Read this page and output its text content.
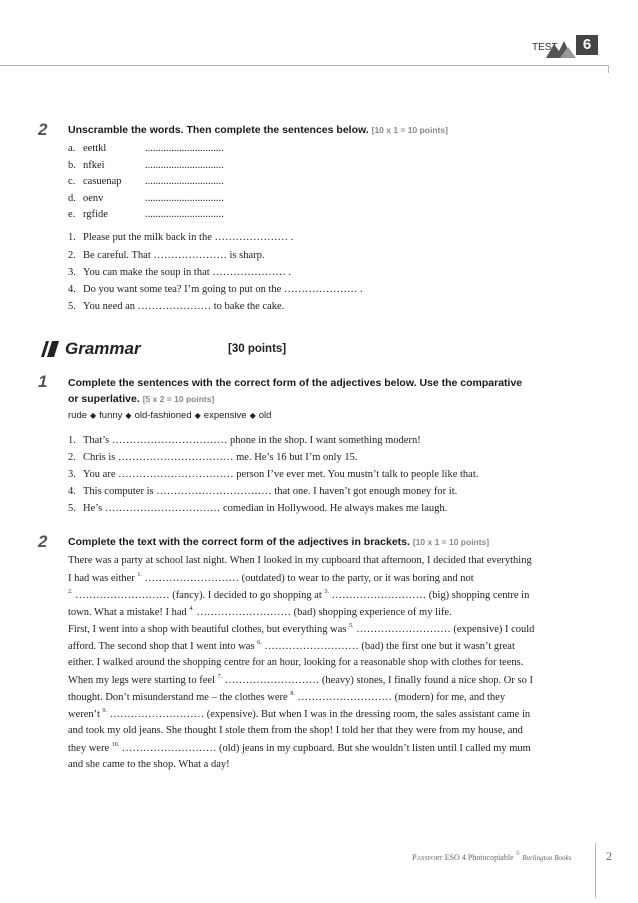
TEST	6
2 Unscramble the words. Then complete the sentences below. [10 x 1 = 10 points]
a. eettkl	..............................
b. nfkei	..............................
c. casuenap ..............................
d. oenv	..............................
e. rgfide	..............................
1. Please put the milk back in the ………………… .
2. Be careful. That ………………… is sharp.
3. You can make the soup in that ………………… .
4. Do you want some tea? I’m going to put on the ………………… .
5. You need an ………………… to bake the cake.
Grammar	[30 points]
1 Complete the sentences with the correct form of the adjectives below. Use the comparative
or superlative. [5 x 2 = 10 points]
rude ◆ funny ◆ old-fashioned ◆ expensive ◆ old
1. That’s …………………………… phone in the shop. I want something modern!
2. Chris is …………………………… me. He’s 16 but I’m only 15.
3. You are …………………………… person I’ve ever met. You mustn’t talk to people like that.
4. This computer is …………………………… that one. I haven’t got enough money for it.
5. He’s …………………………… comedian in Hollywood. He always makes me laugh.
2 Complete the text with the correct form of the adjectives in brackets. [10 x 1 = 10 points]
There was a party at school last night. When I looked in my cupboard that afternoon, I decided that everything
I had was either $^{1.}$ ……………………… (outdated) to wear to the party, or it was boring and not
$^{2.}$ ……………………… (fancy). I decided to go shopping at $^{3.}$ ……………………… (big) shopping centre in
town. What a mistake! I had $^{4.}$ ……………………… (bad) shopping experience of my life.
First, I went into a shop with beautiful clothes, but everything was $^{5.}$ ……………………… (expensive) I could
afford. The second shop that I went into was $^{6.}$ ……………………… (bad) the first one but it wasn’t great
either. I walked around the shopping centre for an hour, looking for a reasonable shop with clothes for teens.
When my legs were starting to feel $^{7.}$ ……………………… (heavy) stones, I finally found a nice shop. Or so I
thought. Don’t misunderstand me – the clothes were $^{8.}$ ……………………… (modern) for me, and they
weren’t $^{9.}$ ……………………… (expensive). But when I was in the dressing room, the sales assistant came in
and took my old jeans. She thought I stole them from the shop! I told her that they were from my house, and
they were $^{10.}$ ……………………… (old) jeans in my cupboard. But she wouldn’t listen until I called my mum
and she came to the shop. What a day!
Passport ESO 4 Photocopiable © Burlington Books	2
